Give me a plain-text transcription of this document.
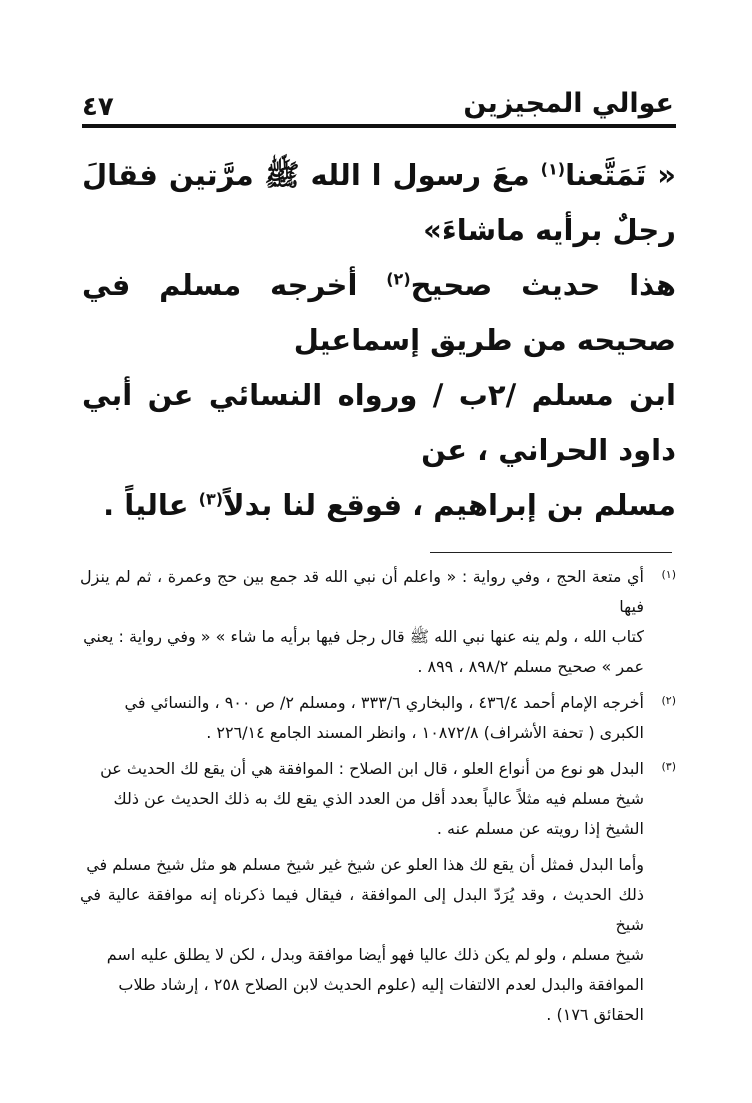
عوالي المجيزين
٤٧

« تَمَتَّعنا$^{(١)}$ معَ رسول ا الله ﷺ مرَّتين فقالَ رجلٌ برأيه ماشاءَ»

هذا حديث صحيح$^{(٢)}$ أخرجه مسلم في صحيحه من طريق إسماعيل

ابن مسلم /٢ب / ورواه النسائي عن أبي داود الحراني ، عن

مسلم بن إبراهيم ، فوقع لنا بدلاً$^{(٣)}$ عالياً .

(١)
أي متعة الحج ، وفي رواية : « واعلم أن نبي الله قد جمع بين حج وعمرة ، ثم لم ينزل فيها
كتاب الله ، ولم ينه عنها نبي الله ﷺ قال رجل فيها برأيه ما شاء » « وفي رواية : يعني
عمر » صحيح مسلم ٨٩٨/٢ ، ٨٩٩ .
(٢)
أخرجه الإمام أحمد ٤٣٦/٤ ، والبخاري ٣٣٣/٦ ، ومسلم ٢/ ص ٩٠٠ ، والنسائي في
الكبرى ( تحفة الأشراف) ١٠٨٧٢/٨ ، وانظر المسند الجامع ٢٢٦/١٤ .
(٣)
البدل هو نوع من أنواع العلو ، قال ابن الصلاح : الموافقة هي أن يقع لك الحديث عن
شيخ مسلم فيه مثلاً عالياً بعدد أقل من العدد الذي يقع لك به ذلك الحديث عن ذلك
الشيخ إذا رويته عن مسلم عنه .
وأما البدل فمثل أن يقع لك هذا العلو عن شيخ غير شيخ مسلم هو مثل شيخ مسلم في
ذلك الحديث ، وقد يُرَدّ البدل إلى الموافقة ، فيقال فيما ذكرناه إنه موافقة عالية في شيخ
شيخ مسلم ، ولو لم يكن ذلك عاليا فهو أيضا موافقة وبدل ، لكن لا يطلق عليه اسم
الموافقة والبدل لعدم الالتفات إليه (علوم الحديث لابن الصلاح ٢٥٨ ، إرشاد طلاب
الحقائق ١٧٦) .
